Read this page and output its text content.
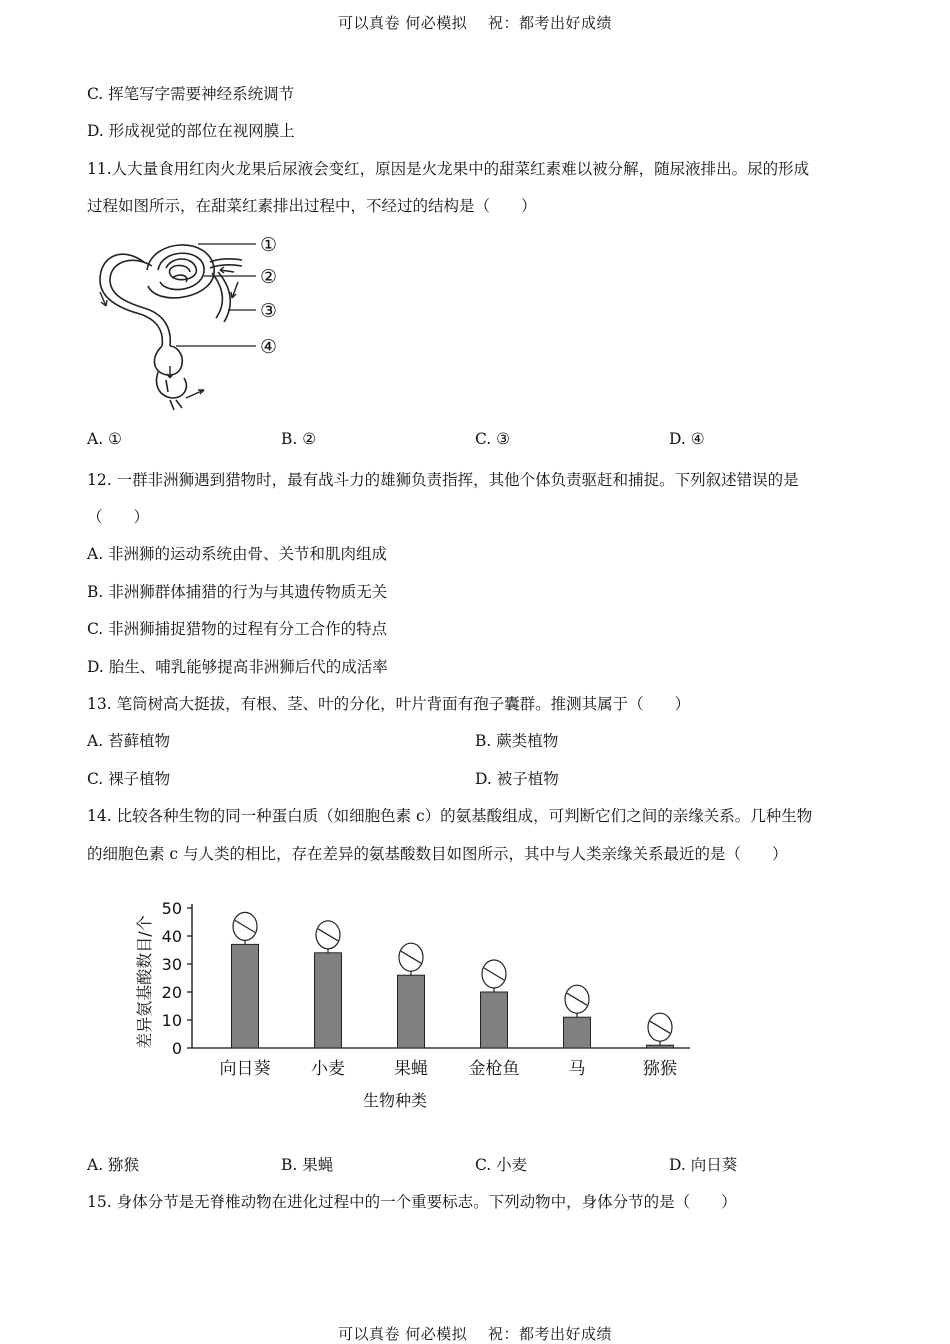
可以真卷 何必模拟　 祝：都考出好成绩
C. 挥笔写字需要神经系统调节
D. 形成视觉的部位在视网膜上
11.人大量食用红肉火龙果后尿液会变红，原因是火龙果中的甜菜红素难以被分解，随尿液排出。尿的形成
过程如图所示，在甜菜红素排出过程中，不经过的结构是（　　）
①
②
③
④
A. ①	B. ②	C. ③	D. ④
12. 一群非洲狮遇到猎物时，最有战斗力的雄狮负责指挥，其他个体负责驱赶和捕捉。下列叙述错误的是
（　　）
A. 非洲狮的运动系统由骨、关节和肌肉组成
B. 非洲狮群体捕猎的行为与其遗传物质无关
C. 非洲狮捕捉猎物的过程有分工合作的特点
D. 胎生、哺乳能够提高非洲狮后代的成活率
13. 笔筒树高大挺拔，有根、茎、叶的分化，叶片背面有孢子囊群。推测其属于（　　）
A. 苔藓植物	B. 蕨类植物
C. 裸子植物	D. 被子植物
14. 比较各种生物的同一种蛋白质（如细胞色素 c）的氨基酸组成，可判断它们之间的亲缘关系。几种生物
的细胞色素 c 与人类的相比，存在差异的氨基酸数目如图所示，其中与人类亲缘关系最近的是（　　）
0
10
20
30
40
50
向日葵 小麦	果蝇 金枪鱼	马	猕猴
差异氨基酸数目/个
生物种类
A. 猕猴	B. 果蝇	C. 小麦	D. 向日葵
15. 身体分节是无脊椎动物在进化过程中的一个重要标志。下列动物中，身体分节的是（　　）
可以真卷 何必模拟　 祝：都考出好成绩
